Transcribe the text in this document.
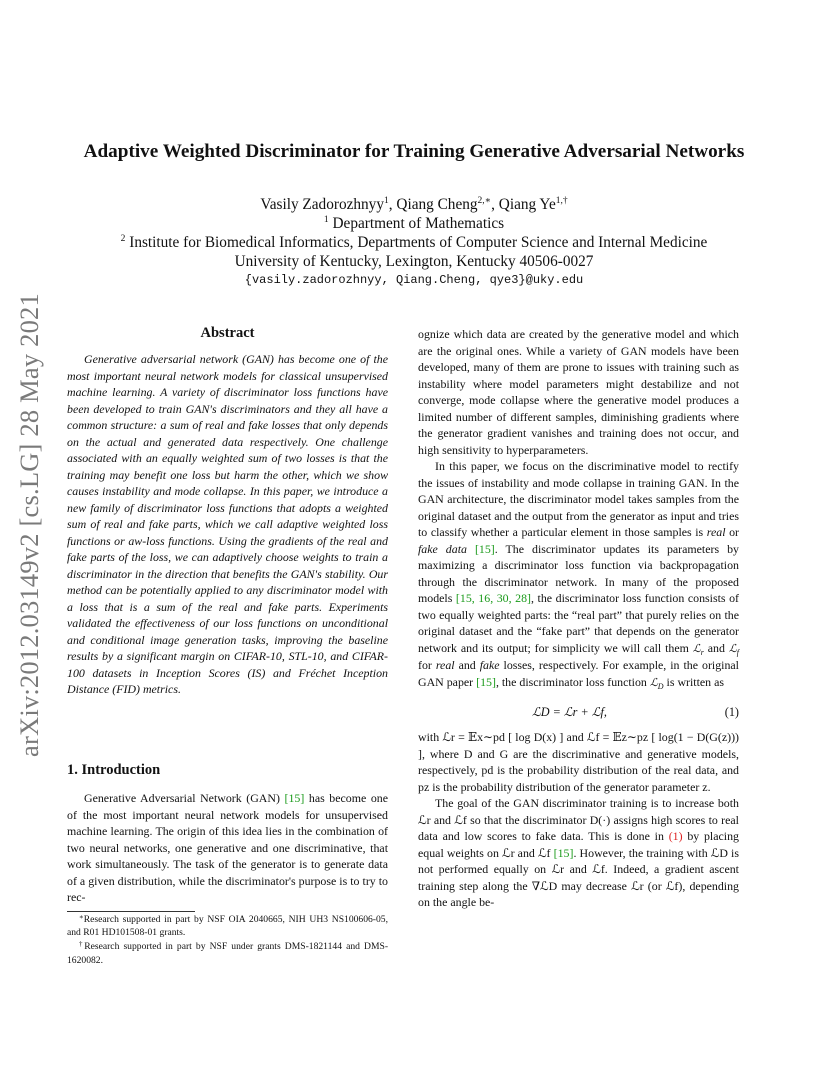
arXiv:2012.03149v2 [cs.LG] 28 May 2021
Adaptive Weighted Discriminator for Training Generative Adversarial Networks
Vasily Zadorozhnyy$^1$, Qiang Cheng$^{2,∗}$, Qiang $Ye^{1,\dagger}$
$^1$ Department of Mathematics
$^2$ Institute for Biomedical Informatics, Departments of Computer Science and Internal Medicine
University of Kentucky, Lexington, Kentucky 40506-0027
{vasily.zadorozhnyy, Qiang.Cheng, qye3}@uky.edu
Abstract

Generative adversarial network (GAN) has become one of the most important neural network models for classical unsupervised machine learning. A variety of discriminator loss functions have been developed to train GAN's discriminators and they all have a common structure: a sum of real and fake losses that only depends on the actual and generated data respectively. One challenge associated with an equally weighted sum of two losses is that the training may benefit one loss but harm the other, which we show causes instability and mode collapse. In this paper, we introduce a new family of discriminator loss functions that adopts a weighted sum of real and fake parts, which we call adaptive weighted loss functions or aw-loss functions. Using the gradients of the real and fake parts of the loss, we can adaptively choose weights to train a discriminator in the direction that benefits the GAN's stability. Our method can be potentially applied to any discriminator model with a loss that is a sum of the real and fake parts. Experiments validated the effectiveness of our loss functions on unconditional and conditional image generation tasks, improving the baseline results by a significant margin on CIFAR-10, STL-10, and CIFAR-100 datasets in Inception Scores (IS) and Fréchet Inception Distance (FID) metrics.

1. Introduction

Generative Adversarial Network (GAN) [15] has become one of the most important neural network models for unsupervised machine learning. The origin of this idea lies in the combination of two neural networks, one generative and one discriminative, that work simultaneously. The task of the generator is to generate data of a given distribution, while the discriminator's purpose is to try to rec-

∗Research supported in part by NSF OIA 2040665, NIH UH3 NS100606-05, and R01 HD101508-01 grants.

†Research supported in part by NSF under grants DMS-1821144 and DMS-1620082.

ognize which data are created by the generative model and which are the original ones. While a variety of GAN models have been developed, many of them are prone to issues with training such as instability where model parameters might destabilize and not converge, mode collapse where the generative model produces a limited number of different samples, diminishing gradients where the generator gradient vanishes and training does not occur, and high sensitivity to hyperparameters.

In this paper, we focus on the discriminative model to rectify the issues of instability and mode collapse in training GAN. In the GAN architecture, the discriminator model takes samples from the original dataset and the output from the generator as input and tries to classify whether a particular element in those samples is real or fake data [15]. The discriminator updates its parameters by maximizing a discriminator loss function via backpropagation through the discriminator network. In many of the proposed models [15, 16, 30, 28], the discriminator loss function consists of two equally weighted parts: the “real part” that purely relies on the original dataset and the “fake part” that depends on the generator network and its output; for simplicity we will call them ℒ$_r$ and ℒ$_f$ for real and fake losses, respectively. For example, in the original GAN paper [15], the discriminator loss function ℒ$_D$ is written as

ℒD = ℒr + ℒf,	(1)

with ℒr = 𝔼x∼pd [ log D(x) ] and ℒf = 𝔼z∼pz [ log(1 − D(G(z))) ], where D and G are the discriminative and generative models, respectively, pd is the probability distribution of the real data, and pz is the probability distribution of the generator parameter z.

The goal of the GAN discriminator training is to increase both ℒr and ℒf so that the discriminator D(·) assigns high scores to real data and low scores to fake data. This is done in (1) by placing equal weights on ℒr and ℒf [15]. However, the training with ℒD is not performed equally on ℒr and ℒf. Indeed, a gradient ascent training step along the ∇ℒD may decrease ℒr (or ℒf), depending on the angle be-
